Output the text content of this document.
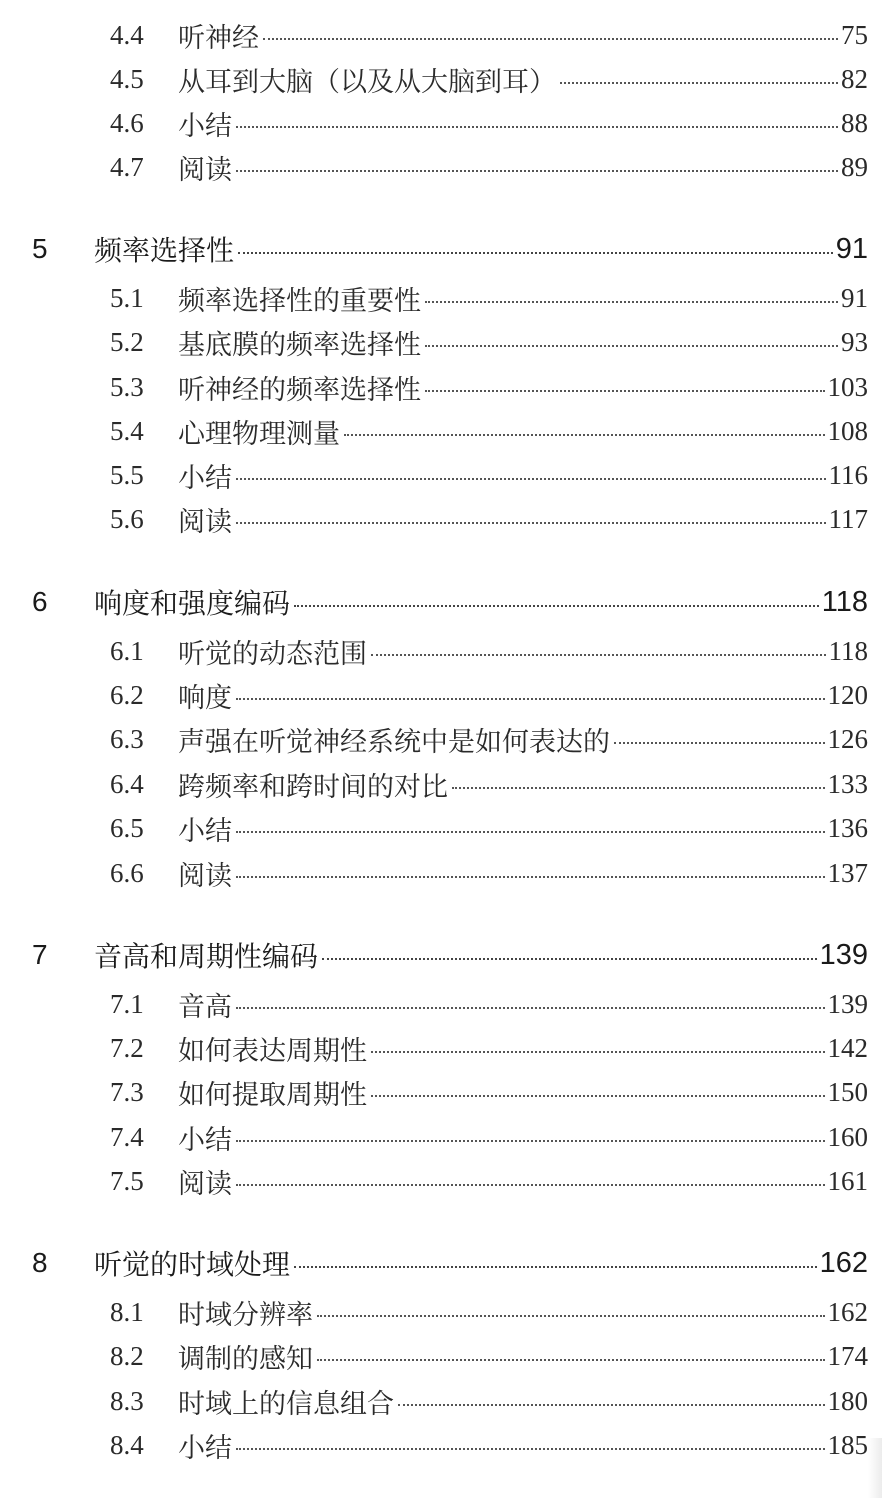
4.4	听神经	75
4.5	从耳到大脑（以及从大脑到耳）	82
4.6	小结	88
4.7	阅读	89
5	频率选择性	91
5.1	频率选择性的重要性	91
5.2	基底膜的频率选择性	93
5.3	听神经的频率选择性	103
5.4	心理物理测量	108
5.5	小结	116
5.6	阅读	117
6	响度和强度编码	118
6.1	听觉的动态范围	118
6.2	响度	120
6.3	声强在听觉神经系统中是如何表达的	126
6.4	跨频率和跨时间的对比	133
6.5	小结	136
6.6	阅读	137
7	音高和周期性编码	139
7.1	音高	139
7.2	如何表达周期性	142
7.3	如何提取周期性	150
7.4	小结	160
7.5	阅读	161
8	听觉的时域处理	162
8.1	时域分辨率	162
8.2	调制的感知	174
8.3	时域上的信息组合	180
8.4	小结	185
